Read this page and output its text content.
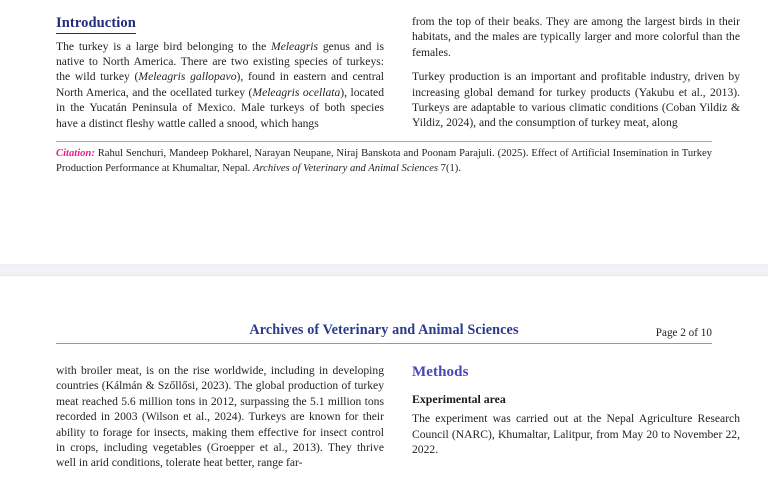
Introduction

The turkey is a large bird belonging to the Meleagris genus and is native to North America. There are two existing species of turkeys: the wild turkey (Meleagris gallopavo), found in eastern and central North America, and the ocellated turkey (Meleagris ocellata), located in the Yucatán Peninsula of Mexico. Male turkeys of both species have a distinct fleshy wattle called a snood, which hangs

from the top of their beaks. They are among the largest birds in their habitats, and the males are typically larger and more colorful than the females.

Turkey production is an important and profitable industry, driven by increasing global demand for turkey products (Yakubu et al., 2013). Turkeys are adaptable to various climatic conditions (Coban Yildiz & Yildiz, 2024), and the consumption of turkey meat, along

Citation: Rahul Senchuri, Mandeep Pokharel, Narayan Neupane, Niraj Banskota and Poonam Parajuli. (2025). Effect of Artificial Insemination in Turkey Production Performance at Khumaltar, Nepal. Archives of Veterinary and Animal Sciences 7(1).

Archives of Veterinary and Animal Sciences	Page 2 of 10

with broiler meat, is on the rise worldwide, including in developing countries (Kálmán & Szőllősi, 2023). The global production of turkey meat reached 5.6 million tons in 2012, surpassing the 5.1 million tons recorded in 2003 (Wilson et al., 2024). Turkeys are known for their ability to forage for insects, making them effective for insect control in crops, including vegetables (Groepper et al., 2013). They thrive well in arid conditions, tolerate heat better, range far-

Methods
Experimental area

The experiment was carried out at the Nepal Agriculture Research Council (NARC), Khumaltar, Lalitpur, from May 20 to November 22, 2022.
